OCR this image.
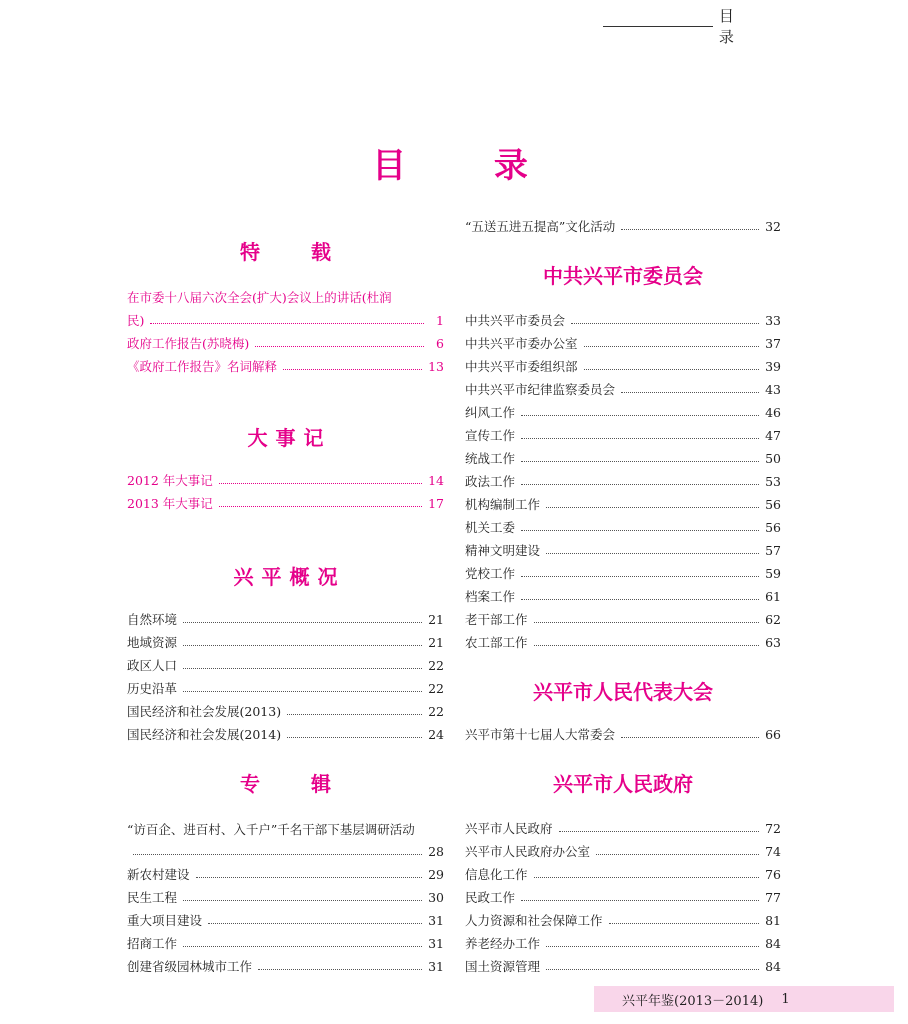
目 录
目 录
特 载
在市委十八届六次全会(扩大)会议上的讲话(杜润
民)	1
政府工作报告(苏晓梅)	6
《政府工作报告》名词解释	13
大事记
2012 年大事记	14
2013 年大事记	17
兴平概况
自然环境	21
地域资源	21
政区人口	22
历史沿革	22
国民经济和社会发展(2013)	22
国民经济和社会发展(2014)	24
专 辑
“访百企、进百村、入千户”千名干部下基层调研活动
28
新农村建设	29
民生工程	30
重大项目建设	31
招商工作	31
创建省级园林城市工作	31
“五送五进五提高”文化活动	32
中共兴平市委员会
中共兴平市委员会	33
中共兴平市委办公室	37
中共兴平市委组织部	39
中共兴平市纪律监察委员会	43
纠风工作	46
宣传工作	47
统战工作	50
政法工作	53
机构编制工作	56
机关工委	56
精神文明建设	57
党校工作	59
档案工作	61
老干部工作	62
农工部工作	63
兴平市人民代表大会
兴平市第十七届人大常委会	66
兴平市人民政府
兴平市人民政府	72
兴平市人民政府办公室	74
信息化工作	76
民政工作	77
人力资源和社会保障工作	81
养老经办工作	84
国土资源管理	84
兴平年鉴(2013－2014) 1
